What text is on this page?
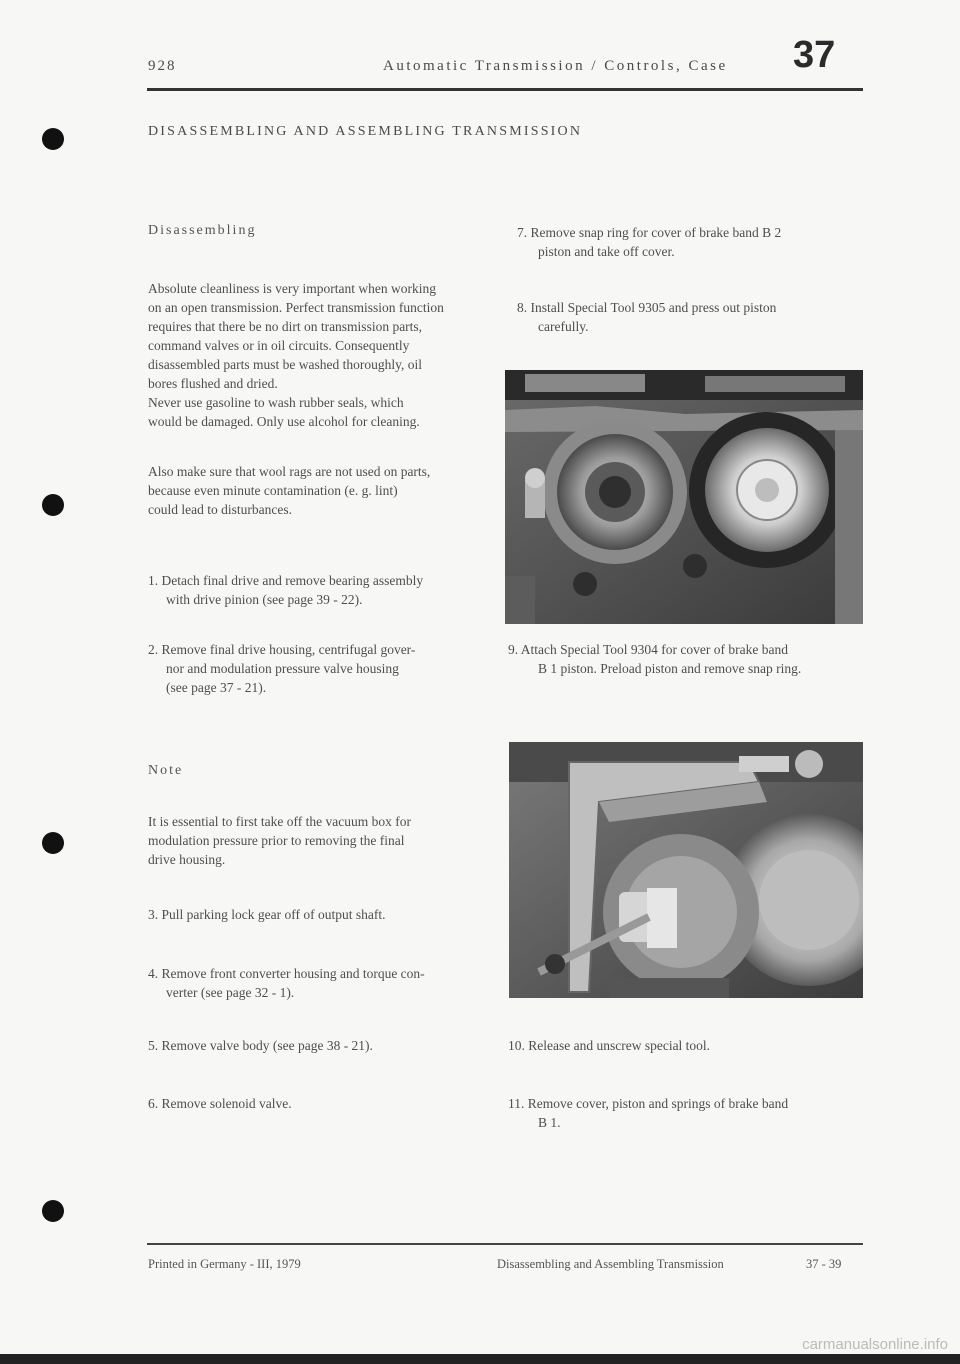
928	Automatic Transmission / Controls, Case 37
DISASSEMBLING AND ASSEMBLING TRANSMISSION
Disassembling
Absolute cleanliness is very important when working
on an open transmission. Perfect transmission function
requires that there be no dirt on transmission parts,
command valves or in oil circuits. Consequently
disassembled parts must be washed thoroughly, oil
bores flushed and dried.
Never use gasoline to wash rubber seals, which
would be damaged. Only use alcohol for cleaning.
Also make sure that wool rags are not used on parts,
because even minute contamination (e. g. lint)
could lead to disturbances.
1. Detach final drive and remove bearing assembly
with drive pinion (see page 39 - 22).
2. Remove final drive housing, centrifugal gover-
nor and modulation pressure valve housing
(see page 37 - 21).
Note
It is essential to first take off the vacuum box for
modulation pressure prior to removing the final
drive housing.
3. Pull parking lock gear off of output shaft.
4. Remove front converter housing and torque con-
verter (see page 32 - 1).
5. Remove valve body (see page 38 - 21).
6. Remove solenoid valve.
7. Remove snap ring for cover of brake band B 2
piston and take off cover.
8. Install Special Tool 9305 and press out piston
carefully.
9. Attach Special Tool 9304 for cover of brake band
B 1 piston. Preload piston and remove snap ring.
10. Release and unscrew special tool.
11. Remove cover, piston and springs of brake band
B 1.
Printed in Germany - III, 1979	Disassembling and Assembling Transmission	37 - 39
carmanualsonline.info
